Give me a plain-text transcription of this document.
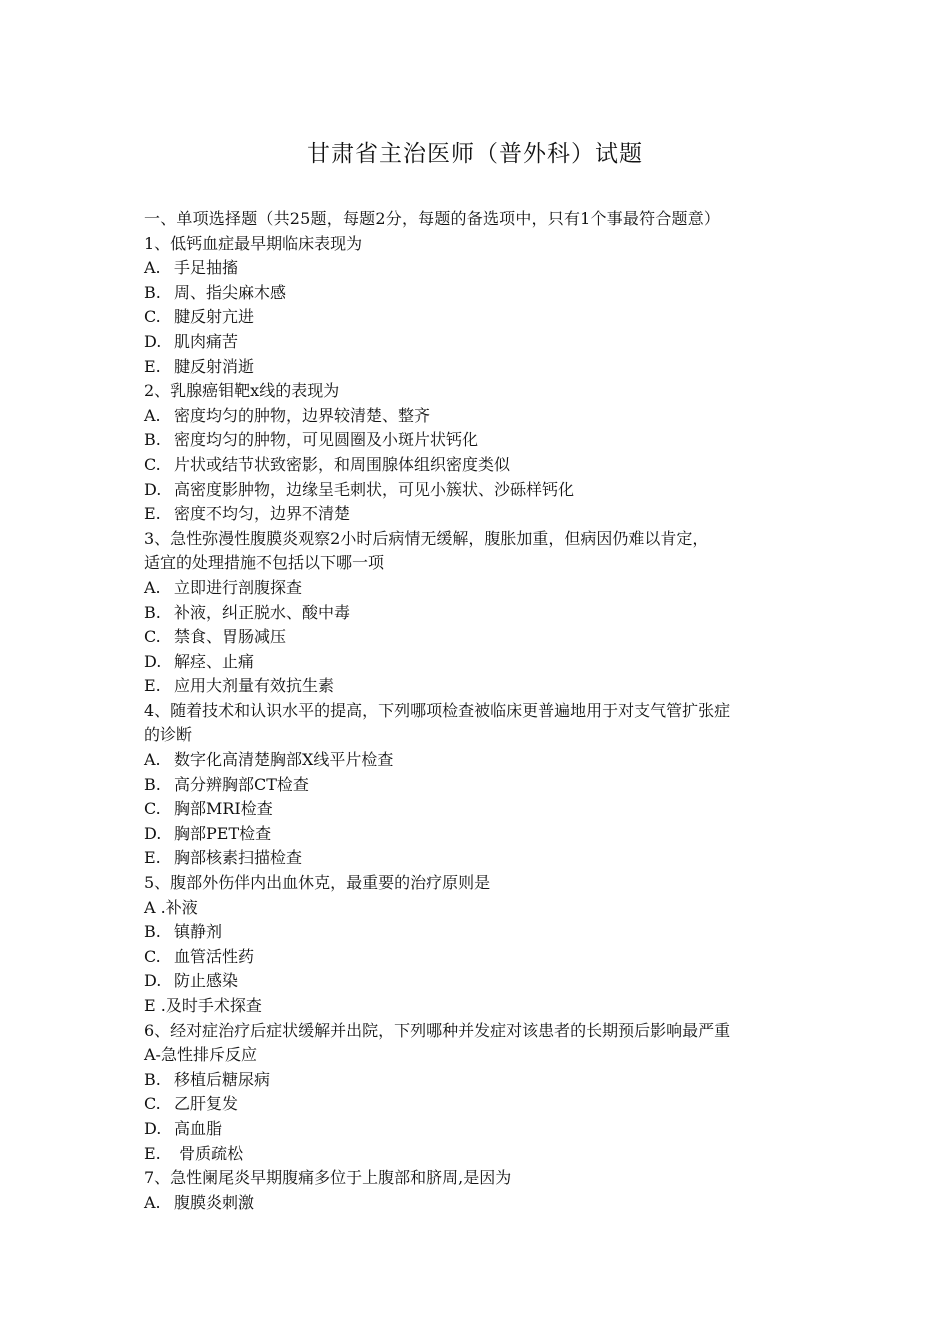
甘肃省主治医师（普外科）试题
一、单项选择题（共25题，每题2分，每题的备选项中，只有1个事最符合题意）
1、低钙血症最早期临床表现为
A. 手足抽搐
B. 周、指尖麻木感
C. 腱反射亢进
D. 肌肉痛苦
E. 腱反射消逝
2、乳腺癌钼靶x线的表现为
A. 密度均匀的肿物，边界较清楚、整齐
B. 密度均匀的肿物，可见圆圈及小斑片状钙化
C. 片状或结节状致密影，和周围腺体组织密度类似
D. 高密度影肿物，边缘呈毛刺状，可见小簇状、沙砾样钙化
E. 密度不均匀，边界不清楚
3、急性弥漫性腹膜炎观察2小时后病情无缓解，腹胀加重，但病因仍难以肯定，
适宜的处理措施不包括以下哪一项
A. 立即进行剖腹探查
B. 补液，纠正脱水、酸中毒
C. 禁食、胃肠减压
D. 解痉、止痛
E. 应用大剂量有效抗生素
4、随着技术和认识水平的提高，下列哪项检查被临床更普遍地用于对支气管扩张症
的诊断
A. 数字化高清楚胸部X线平片检查
B. 高分辨胸部CT检查
C. 胸部MRI检查
D. 胸部PET检查
E. 胸部核素扫描检查
5、腹部外伤伴内出血休克，最重要的治疗原则是
A .补液
B. 镇静剂
C. 血管活性药
D. 防止感染
E .及时手术探查
6、经对症治疗后症状缓解并出院，下列哪种并发症对该患者的长期预后影响最严重
A-急性排斥反应
B. 移植后糖尿病
C. 乙肝复发
D. 高血脂
E. 骨质疏松
7、急性阑尾炎早期腹痛多位于上腹部和脐周,是因为
A. 腹膜炎刺激
